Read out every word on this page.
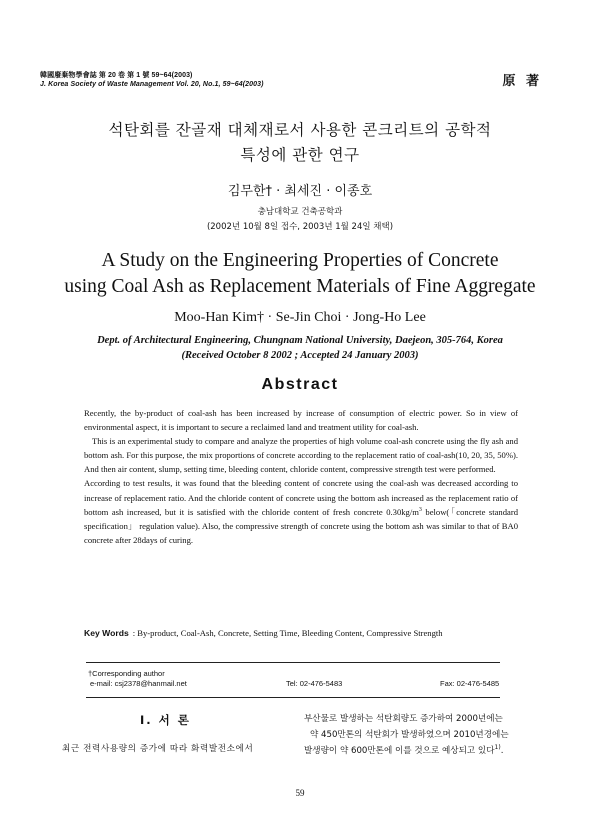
韓國廢棄物學會誌 第 20 卷 第 1 號 59~64(2003)
J. Korea Society of Waste Management Vol. 20, No.1, 59~64(2003)	原 著
석탄회를 잔골재 대체재로서 사용한 콘크리트의 공학적
특성에 관한 연구
김무한† · 최세진 · 이종호
충남대학교 건축공학과
(2002년 10월 8일 접수, 2003년 1월 24일 채택)
A Study on the Engineering Properties of Concrete
using Coal Ash as Replacement Materials of Fine Aggregate
Moo-Han Kim† · Se-Jin Choi · Jong-Ho Lee
Dept. of Architectural Engineering, Chungnam National University, Daejeon, 305-764, Korea
(Received October 8 2002 ; Accepted 24 January 2003)
Abstract

Recently, the by-product of coal-ash has been increased by increase of consumption of electric power. So in view of environmental aspect, it is important to secure a reclaimed land and treatment utility for coal-ash.

This is an experimental study to compare and analyze the properties of high volume coal-ash concrete using the fly ash and bottom ash. For this purpose, the mix proportions of concrete according to the replacement ratio of coal-ash(10, 20, 35, 50%). And then air content, slump, setting time, bleeding content, chloride content, compressive strength test were performed.

According to test results, it was found that the bleeding content of concrete using the coal-ash was decreased according to increase of replacement ratio. And the chloride content of concrete using the bottom ash increased as the replacement ratio of bottom ash increased, but it is satisfied with the chloride content of fresh concrete $0.30kg/m^3$ below(「concrete standard specification」 regulation value). Also, the compressive strength of concrete using the bottom ash was similar to that of BA0 concrete after 28days of curing.

Key Words : By-product, Coal-Ash, Concrete, Setting Time, Bleeding Content, Compressive Strength
†Corresponding author
e-mail: csj2378@hanmail.net	Tel: 02-476-5483	Fax: 02-476-5485
I. 서 론
최근 전력사용량의 증가에 따라 화력발전소에서
부산물로 발생하는 석탄회량도 증가하여 2000년에는
약 450만톤의 석탄회가 발생하였으며 2010년경에는
발생량이 약 600만톤에 이를 것으로 예상되고 있다$^{1)}$.
59
